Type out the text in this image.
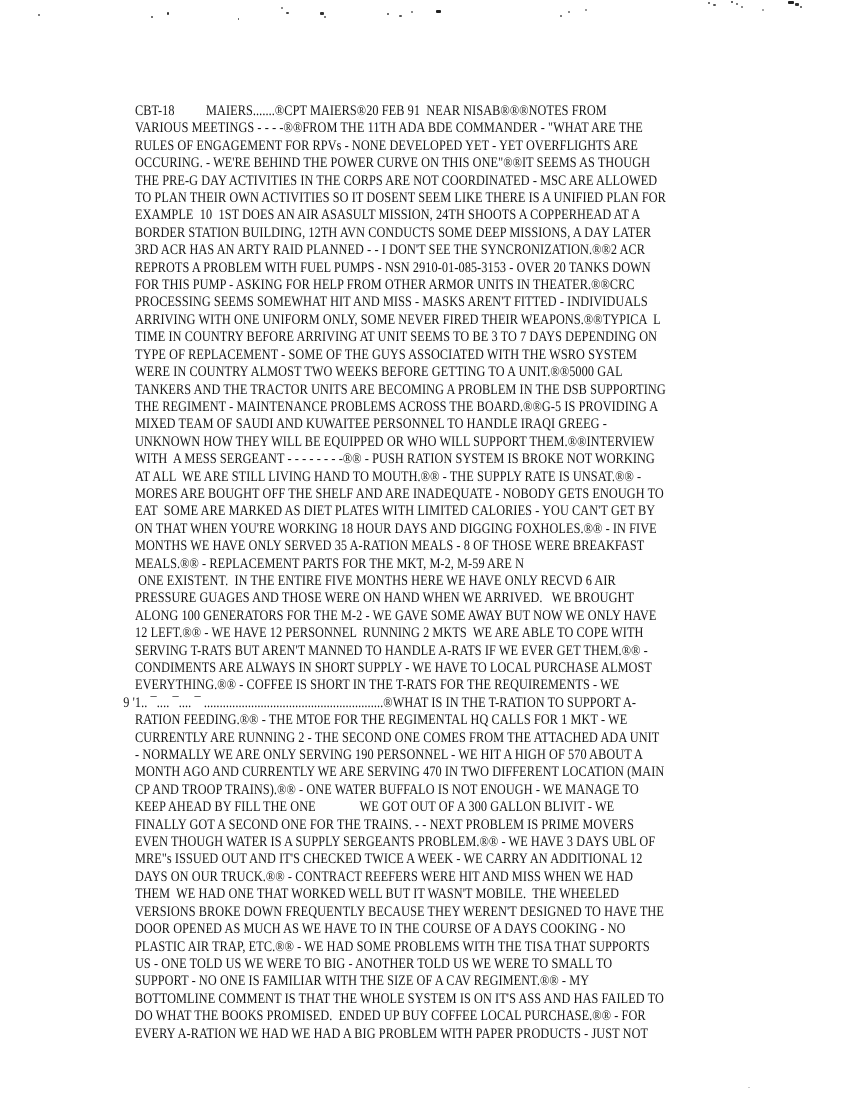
CBT-18          MAIERS.......®CPT MAIERS®20 FEB 91  NEAR NISAB®®®NOTES FROM
VARIOUS MEETINGS - - - -®®FROM THE 11TH ADA BDE COMMANDER - "WHAT ARE THE
RULES OF ENGAGEMENT FOR RPVs - NONE DEVELOPED YET - YET OVERFLIGHTS ARE
OCCURING. - WE'RE BEHIND THE POWER CURVE ON THIS ONE"®®IT SEEMS AS THOUGH
THE PRE-G DAY ACTIVITIES IN THE CORPS ARE NOT COORDINATED - MSC ARE ALLOWED
TO PLAN THEIR OWN ACTIVITIES SO IT DOSENT SEEM LIKE THERE IS A UNIFIED PLAN FOR
EXAMPLE  10  1ST DOES AN AIR ASASULT MISSION, 24TH SHOOTS A COPPERHEAD AT A
BORDER STATION BUILDING, 12TH AVN CONDUCTS SOME DEEP MISSIONS, A DAY LATER
3RD ACR HAS AN ARTY RAID PLANNED - - I DON'T SEE THE SYNCRONIZATION.®®2 ACR
REPROTS A PROBLEM WITH FUEL PUMPS - NSN 2910-01-085-3153 - OVER 20 TANKS DOWN
FOR THIS PUMP - ASKING FOR HELP FROM OTHER ARMOR UNITS IN THEATER.®®CRC
PROCESSING SEEMS SOMEWHAT HIT AND MISS - MASKS AREN'T FITTED - INDIVIDUALS
ARRIVING WITH ONE UNIFORM ONLY, SOME NEVER FIRED THEIR WEAPONS.®®TYPICA  L
TIME IN COUNTRY BEFORE ARRIVING AT UNIT SEEMS TO BE 3 TO 7 DAYS DEPENDING ON
TYPE OF REPLACEMENT - SOME OF THE GUYS ASSOCIATED WITH THE WSRO SYSTEM
WERE IN COUNTRY ALMOST TWO WEEKS BEFORE GETTING TO A UNIT.®®5000 GAL
TANKERS AND THE TRACTOR UNITS ARE BECOMING A PROBLEM IN THE DSB SUPPORTING
THE REGIMENT - MAINTENANCE PROBLEMS ACROSS THE BOARD.®®G-5 IS PROVIDING A
MIXED TEAM OF SAUDI AND KUWAITEE PERSONNEL TO HANDLE IRAQI GREEG -
UNKNOWN HOW THEY WILL BE EQUIPPED OR WHO WILL SUPPORT THEM.®®INTERVIEW
WITH  A MESS SERGEANT - - - - - - - -®® - PUSH RATION SYSTEM IS BROKE NOT WORKING
AT ALL  WE ARE STILL LIVING HAND TO MOUTH.®® - THE SUPPLY RATE IS UNSAT.®® -
MORES ARE BOUGHT OFF THE SHELF AND ARE INADEQUATE - NOBODY GETS ENOUGH TO
EAT  SOME ARE MARKED AS DIET PLATES WITH LIMITED CALORIES - YOU CAN'T GET BY
ON THAT WHEN YOU'RE WORKING 18 HOUR DAYS AND DIGGING FOXHOLES.®® - IN FIVE
MONTHS WE HAVE ONLY SERVED 35 A-RATION MEALS - 8 OF THOSE WERE BREAKFAST
MEALS.®® - REPLACEMENT PARTS FOR THE MKT, M-2, M-59 ARE N
ONE EXISTENT.  IN THE ENTIRE FIVE MONTHS HERE WE HAVE ONLY RECVD 6 AIR
PRESSURE GUAGES AND THOSE WERE ON HAND WHEN WE ARRIVED.   WE BROUGHT
ALONG 100 GENERATORS FOR THE M-2 - WE GAVE SOME AWAY BUT NOW WE ONLY HAVE
12 LEFT.®® - WE HAVE 12 PERSONNEL  RUNNING 2 MKTS  WE ARE ABLE TO COPE WITH
SERVING T-RATS BUT AREN'T MANNED TO HANDLE A-RATS IF WE EVER GET THEM.®® -
CONDIMENTS ARE ALWAYS IN SHORT SUPPLY - WE HAVE TO LOCAL PURCHASE ALMOST
EVERYTHING.®® - COFFEE IS SHORT IN THE T-RATS FOR THE REQUIREMENTS - WE
9 '1.. ¯.... ¯.... ¯ .........................................................®WHAT IS IN THE T-RATION TO SUPPORT A-
RATION FEEDING.®® - THE MTOE FOR THE REGIMENTAL HQ CALLS FOR 1 MKT - WE
CURRENTLY ARE RUNNING 2 - THE SECOND ONE COMES FROM THE ATTACHED ADA UNIT
- NORMALLY WE ARE ONLY SERVING 190 PERSONNEL - WE HIT A HIGH OF 570 ABOUT A
MONTH AGO AND CURRENTLY WE ARE SERVING 470 IN TWO DIFFERENT LOCATION (MAIN
CP AND TROOP TRAINS).®® - ONE WATER BUFFALO IS NOT ENOUGH - WE MANAGE TO
KEEP AHEAD BY FILL THE ONE              WE GOT OUT OF A 300 GALLON BLIVIT - WE
FINALLY GOT A SECOND ONE FOR THE TRAINS. - - NEXT PROBLEM IS PRIME MOVERS
EVEN THOUGH WATER IS A SUPPLY SERGEANTS PROBLEM.®® - WE HAVE 3 DAYS UBL OF
MRE"s ISSUED OUT AND IT'S CHECKED TWICE A WEEK - WE CARRY AN ADDITIONAL 12
DAYS ON OUR TRUCK.®® - CONTRACT REEFERS WERE HIT AND MISS WHEN WE HAD
THEM  WE HAD ONE THAT WORKED WELL BUT IT WASN'T MOBILE.  THE WHEELED
VERSIONS BROKE DOWN FREQUENTLY BECAUSE THEY WEREN'T DESIGNED TO HAVE THE
DOOR OPENED AS MUCH AS WE HAVE TO IN THE COURSE OF A DAYS COOKING - NO
PLASTIC AIR TRAP, ETC.®® - WE HAD SOME PROBLEMS WITH THE TISA THAT SUPPORTS
US - ONE TOLD US WE WERE TO BIG - ANOTHER TOLD US WE WERE TO SMALL TO
SUPPORT - NO ONE IS FAMILIAR WITH THE SIZE OF A CAV REGIMENT.®® - MY
BOTTOMLINE COMMENT IS THAT THE WHOLE SYSTEM IS ON IT'S ASS AND HAS FAILED TO
DO WHAT THE BOOKS PROMISED.  ENDED UP BUY COFFEE LOCAL PURCHASE.®® - FOR
EVERY A-RATION WE HAD WE HAD A BIG PROBLEM WITH PAPER PRODUCTS - JUST NOT
